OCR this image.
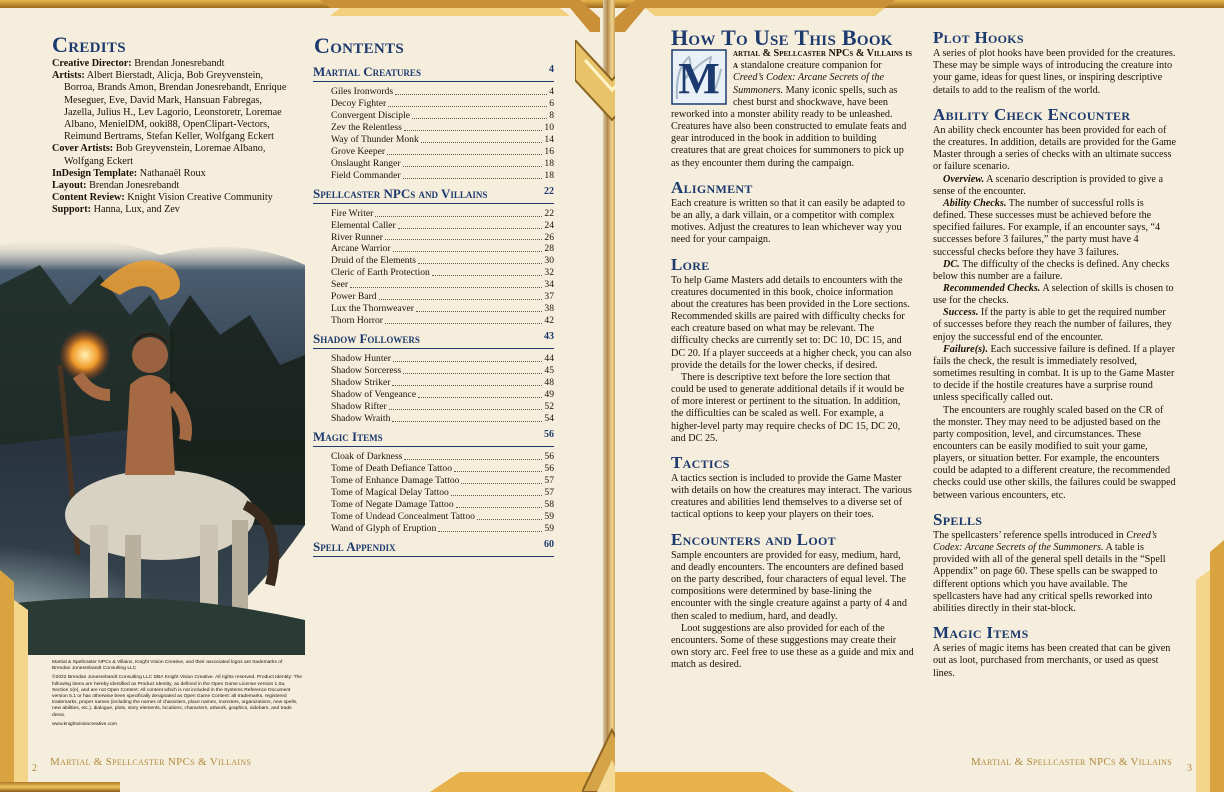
Credits

Creative Director: Brendan Jonesrebandt

Artists: Albert Bierstadt, Alicja, Bob Greyvenstein, Borroa, Brands Amon, Brendan Jonesrebandt, Enrique Meseguer, Eve, David Mark, Hansuan Fabregas, Jazella, Julius H., Lev Lagorio, Leonstoretr, Loremae Albano, MenielDM, ooki88, OpenClipart-Vectors, Reimund Bertrams, Stefan Keller, Wolfgang Eckert

Cover Artists: Bob Greyvenstein, Loremae Albano, Wolfgang Eckert

InDesign Template: Nathanaël Roux

Layout: Brendan Jonesrebandt

Content Review: Knight Vision Creative Community

Support: Hanna, Lux, and Zev

Contents
Martial Creatures	4
Giles Ironwords	4
Decoy Fighter	6
Convergent Disciple	8
Zev the Relentless	10
Way of Thunder Monk	14
Grove Keeper	16
Onslaught Ranger	18
Field Commander	18
Spellcaster NPCs and Villains	22
Fire Writer	22
Elemental Caller	24
River Runner	26
Arcane Warrior	28
Druid of the Elements	30
Cleric of Earth Protection	32
Seer	34
Power Bard	37
Lux the Thornweaver	38
Thorn Horror	42
Shadow Followers	43
Shadow Hunter	44
Shadow Sorceress	45
Shadow Striker	48
Shadow of Vengeance	49
Shadow Rifter	52
Shadow Wraith	54
Magic Items	56
Cloak of Darkness	56
Tome of Death Defiance Tattoo	56
Tome of Enhance Damage Tattoo	57
Tome of Magical Delay Tattoo	57
Tome of Negate Damage Tattoo	58
Tome of Undead Concealment Tattoo	59
Wand of Glyph of Eruption	59
Spell Appendix	60

Martial & Spellcaster NPCs & Villains, Knight Vision Creative, and their associated logos are trademarks of Brendan Jonesrebandt Consulting LLC

©2022 Brendan Jonesrebandt Consulting LLC DBA Knight Vision Creative. All rights reserved. Product Identity: The following items are hereby identified as Product Identity, as defined in the Open Game License version 1.0a, Section 1(e), and are not Open Content: All content which is not included in the Systems Reference Document version 5.1 or has otherwise been specifically designated as Open Game Content: all trademarks, registered trademarks, proper names (including the names of characters, place names, monsters, organizations, new spells, new abilities, etc.), dialogue, plots, story elements, locations, characters, artwork, graphics, sidebars, and trade dress.

www.knightvisioncreative.com

Martial & Spellcaster NPCs & Villains
2
How To Use This Book

M
artial & Spellcaster NPCs & Villains is a standalone creature companion for Creed’s Codex: Arcane Secrets of the Summoners. Many iconic spells, such as chest burst and shockwave, have been reworked into a monster ability ready to be unleashed. Creatures have also been constructed to emulate feats and gear introduced in the book in addition to building creatures that are great choices for summoners to pick up as they encounter them during the campaign.

Alignment

Each creature is written so that it can easily be adapted to be an ally, a dark villain, or a competitor with complex motives. Adjust the creatures to lean whichever way you need for your campaign.

Lore

To help Game Masters add details to encounters with the creatures documented in this book, choice information about the creatures has been provided in the Lore sections. Recommended skills are paired with difficulty checks for each creature based on what may be relevant. The difficulty checks are currently set to: DC 10, DC 15, and DC 20. If a player succeeds at a higher check, you can also provide the details for the lower checks, if desired.

There is descriptive text before the lore section that could be used to generate additional details if it would be of more interest or pertinent to the situation. In addition, the difficulties can be scaled as well. For example, a higher-level party may require checks of DC 15, DC 20, and DC 25.

Tactics

A tactics section is included to provide the Game Master with details on how the creatures may interact. The various creatures and abilities lend themselves to a diverse set of tactical options to keep your players on their toes.

Encounters and Loot

Sample encounters are provided for easy, medium, hard, and deadly encounters. The encounters are defined based on the party described, four characters of equal level. The compositions were determined by base-lining the encounter with the single creature against a party of 4 and then scaled to medium, hard, and deadly.

Loot suggestions are also provided for each of the encounters. Some of these suggestions may create their own story arc. Feel free to use these as a guide and mix and match as desired.

Plot Hooks

A series of plot hooks have been provided for the creatures. These may be simple ways of introducing the creature into your game, ideas for quest lines, or inspiring descriptive details to add to the realism of the world.

Ability Check Encounter

An ability check encounter has been provided for each of the creatures. In addition, details are provided for the Game Master through a series of checks with an ultimate success or failure scenario.

Overview. A scenario description is provided to give a sense of the encounter.

Ability Checks. The number of successful rolls is defined. These successes must be achieved before the specified failures. For example, if an encounter says, “4 successes before 3 failures,” the party must have 4 successful checks before they have 3 failures.

DC. The difficulty of the checks is defined. Any checks below this number are a failure.

Recommended Checks. A selection of skills is chosen to use for the checks.

Success. If the party is able to get the required number of successes before they reach the number of failures, they enjoy the successful end of the encounter.

Failure(s). Each successive failure is defined. If a player fails the check, the result is immediately resolved, sometimes resulting in combat. It is up to the Game Master to decide if the hostile creatures have a surprise round unless specifically called out.

The encounters are roughly scaled based on the CR of the monster. They may need to be adjusted based on the party composition, level, and circumstances. These encounters can be easily modified to suit your game, players, or situation better. For example, the encounters could be adapted to a different creature, the recommended checks could use other skills, the failures could be swapped between various encounters, etc.

Spells

The spellcasters’ reference spells introduced in Creed’s Codex: Arcane Secrets of the Summoners. A table is provided with all of the general spell details in the “Spell Appendix” on page 60. These spells can be swapped to different options which you have available. The spellcasters have had any critical spells reworked into abilities directly in their stat-block.

Magic Items

A series of magic items has been created that can be given out as loot, purchased from merchants, or used as quest lines.

Martial & Spellcaster NPCs & Villains
3
